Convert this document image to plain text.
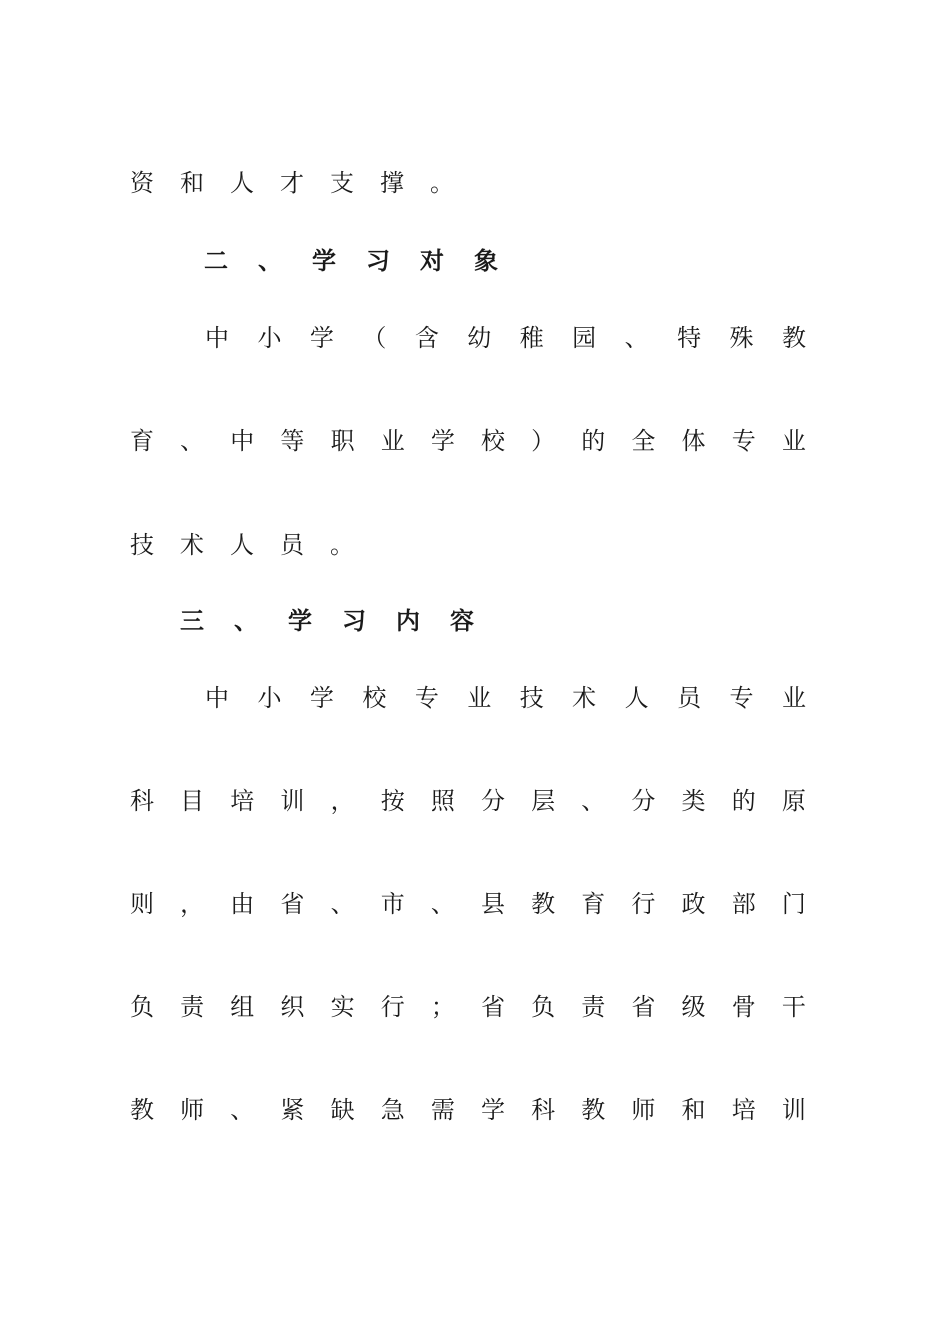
资和人才支撑。
二、学习对象
中 小 学 （ 含 幼 稚 园 、 特 殊 教
育 、 中 等 职 业 学 校 ） 的 全 体 专 业
技术人员。
三、学习内容
中 小 学 校 专 业 技 术 人 员 专 业
科 目 培 训 ， 按 照 分 层 、 分 类 的 原
则 ， 由 省 、 市 、 县 教 育 行 政 部 门
负 责 组 织 实 行 ； 省 负 责 省 级 骨 干
教 师 、 紧 缺 急 需 学 科 教 师 和 培 训
